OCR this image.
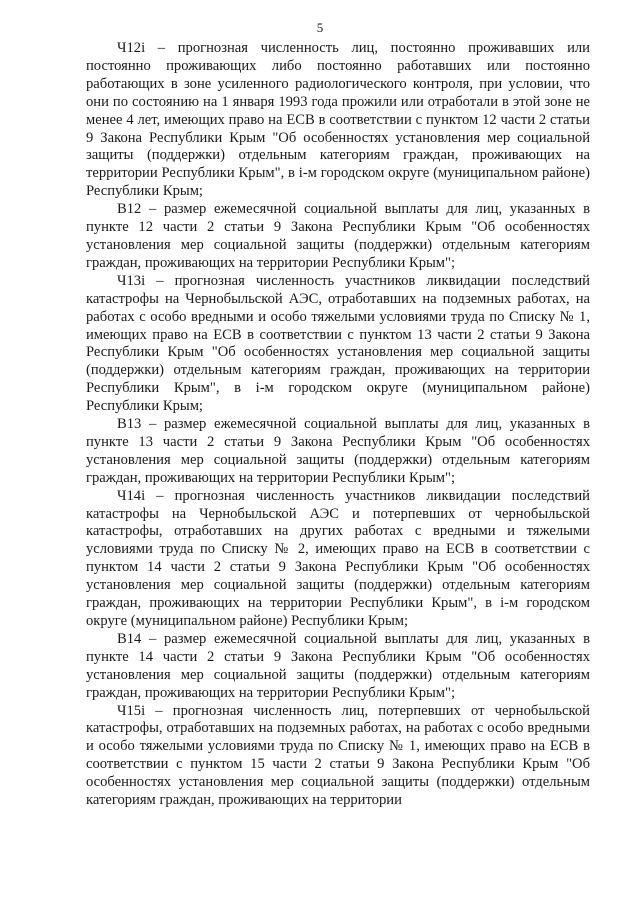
5

Ч12i – прогнозная численность лиц, постоянно проживавших или постоянно проживающих либо постоянно работавших или постоянно работающих в зоне усиленного радиологического контроля, при условии, что они по состоянию на 1 января 1993 года прожили или отработали в этой зоне не менее 4 лет, имеющих право на ЕСВ в соответствии с пунктом 12 части 2 статьи 9 Закона Республики Крым "Об особенностях установления мер социальной защиты (поддержки) отдельным категориям граждан, проживающих на территории Республики Крым", в i-м городском округе (муниципальном районе) Республики Крым;

В12 – размер ежемесячной социальной выплаты для лиц, указанных в пункте 12 части 2 статьи 9 Закона Республики Крым "Об особенностях установления мер социальной защиты (поддержки) отдельным категориям граждан, проживающих на территории Республики Крым";

Ч13i – прогнозная численность участников ликвидации последствий катастрофы на Чернобыльской АЭС, отработавших на подземных работах, на работах с особо вредными и особо тяжелыми условиями труда по Списку № 1, имеющих право на ЕСВ в соответствии с пунктом 13 части 2 статьи 9 Закона Республики Крым "Об особенностях установления мер социальной защиты (поддержки) отдельным категориям граждан, проживающих на территории Республики Крым", в i-м городском округе (муниципальном районе) Республики Крым;

В13 – размер ежемесячной социальной выплаты для лиц, указанных в пункте 13 части 2 статьи 9 Закона Республики Крым "Об особенностях установления мер социальной защиты (поддержки) отдельным категориям граждан, проживающих на территории Республики Крым";

Ч14i – прогнозная численность участников ликвидации последствий катастрофы на Чернобыльской АЭС и потерпевших от чернобыльской катастрофы, отработавших на других работах с вредными и тяжелыми условиями труда по Списку № 2, имеющих право на ЕСВ в соответствии с пунктом 14 части 2 статьи 9 Закона Республики Крым "Об особенностях установления мер социальной защиты (поддержки) отдельным категориям граждан, проживающих на территории Республики Крым", в i-м городском округе (муниципальном районе) Республики Крым;

В14 – размер ежемесячной социальной выплаты для лиц, указанных в пункте 14 части 2 статьи 9 Закона Республики Крым "Об особенностях установления мер социальной защиты (поддержки) отдельным категориям граждан, проживающих на территории Республики Крым";

Ч15i – прогнозная численность лиц, потерпевших от чернобыльской катастрофы, отработавших на подземных работах, на работах с особо вредными и особо тяжелыми условиями труда по Списку № 1, имеющих право на ЕСВ в соответствии с пунктом 15 части 2 статьи 9 Закона Республики Крым "Об особенностях установления мер социальной защиты (поддержки) отдельным категориям граждан, проживающих на территории
